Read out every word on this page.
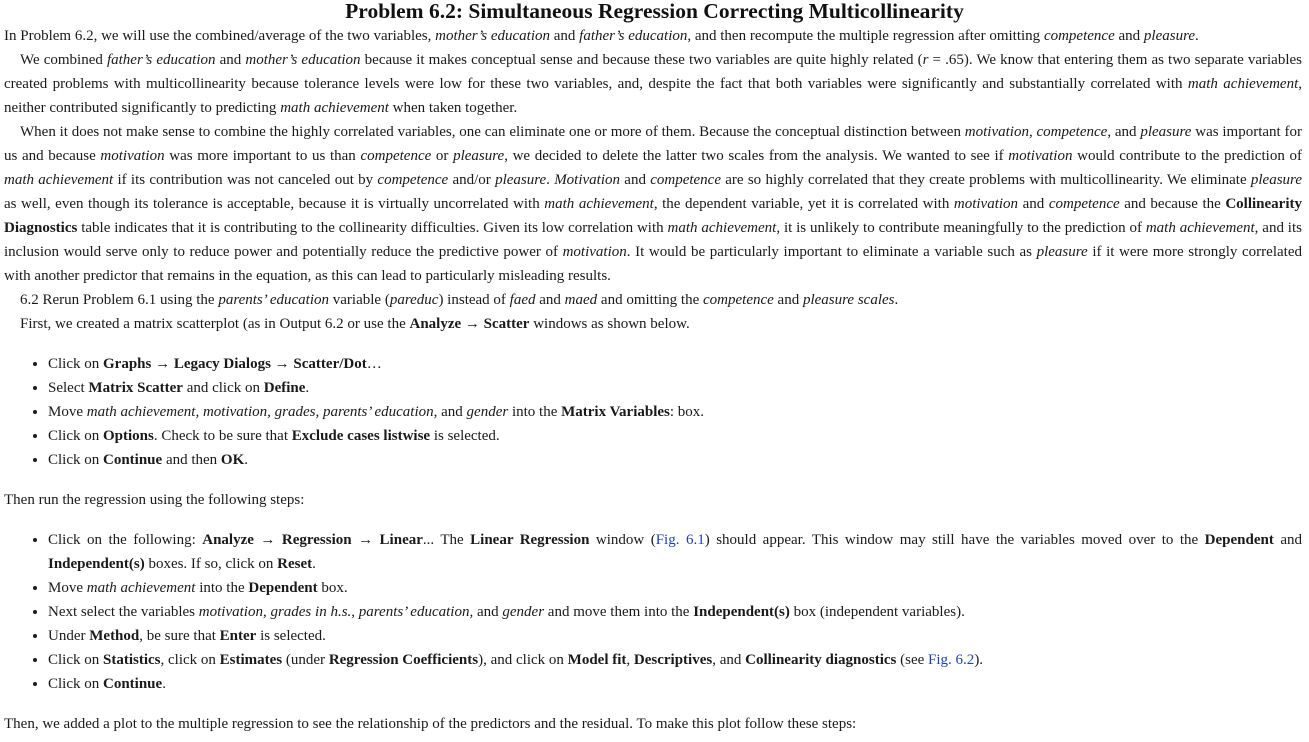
Problem 6.2: Simultaneous Regression Correcting Multicollinearity

In Problem 6.2, we will use the combined/average of the two variables, mother’s education and father’s education, and then recompute the multiple regression after omitting competence and pleasure.

We combined father’s education and mother’s education because it makes conceptual sense and because these two variables are quite highly related (r = .65). We know that entering them as two separate variables created problems with multicollinearity because tolerance levels were low for these two variables, and, despite the fact that both variables were significantly and substantially correlated with math achievement, neither contributed significantly to predicting math achievement when taken together.

When it does not make sense to combine the highly correlated variables, one can eliminate one or more of them. Because the conceptual distinction between motivation, competence, and pleasure was important for us and because motivation was more important to us than competence or pleasure, we decided to delete the latter two scales from the analysis. We wanted to see if motivation would contribute to the prediction of math achievement if its contribution was not canceled out by competence and/or pleasure. Motivation and competence are so highly correlated that they create problems with multicollinearity. We eliminate pleasure as well, even though its tolerance is acceptable, because it is virtually uncorrelated with math achievement, the dependent variable, yet it is correlated with motivation and competence and because the Collinearity Diagnostics table indicates that it is contributing to the collinearity difficulties. Given its low correlation with math achievement, it is unlikely to contribute meaningfully to the prediction of math achievement, and its inclusion would serve only to reduce power and potentially reduce the predictive power of motivation. It would be particularly important to eliminate a variable such as pleasure if it were more strongly correlated with another predictor that remains in the equation, as this can lead to particularly misleading results.

6.2 Rerun Problem 6.1 using the parents’ education variable (pareduc) instead of faed and maed and omitting the competence and pleasure scales.

First, we created a matrix scatterplot (as in Output 6.2 or use the Analyze → Scatter windows as shown below.

• Click on Graphs → Legacy Dialogs → Scatter/Dot…
• Select Matrix Scatter and click on Define.
• Move math achievement, motivation, grades, parents’ education, and gender into the Matrix Variables: box.
• Click on Options. Check to be sure that Exclude cases listwise is selected.
• Click on Continue and then OK.

Then run the regression using the following steps:

• Click on the following: Analyze → Regression → Linear... The Linear Regression window (Fig. 6.1) should appear. This window may still have the variables moved over to the Dependent and Independent(s) boxes. If so, click on Reset.
• Move math achievement into the Dependent box.
• Next select the variables motivation, grades in h.s., parents’ education, and gender and move them into the Independent(s) box (independent variables).
• Under Method, be sure that Enter is selected.
• Click on Statistics, click on Estimates (under Regression Coefficients), and click on Model fit, Descriptives, and Collinearity diagnostics (see Fig. 6.2).
• Click on Continue.

Then, we added a plot to the multiple regression to see the relationship of the predictors and the residual. To make this plot follow these steps:
